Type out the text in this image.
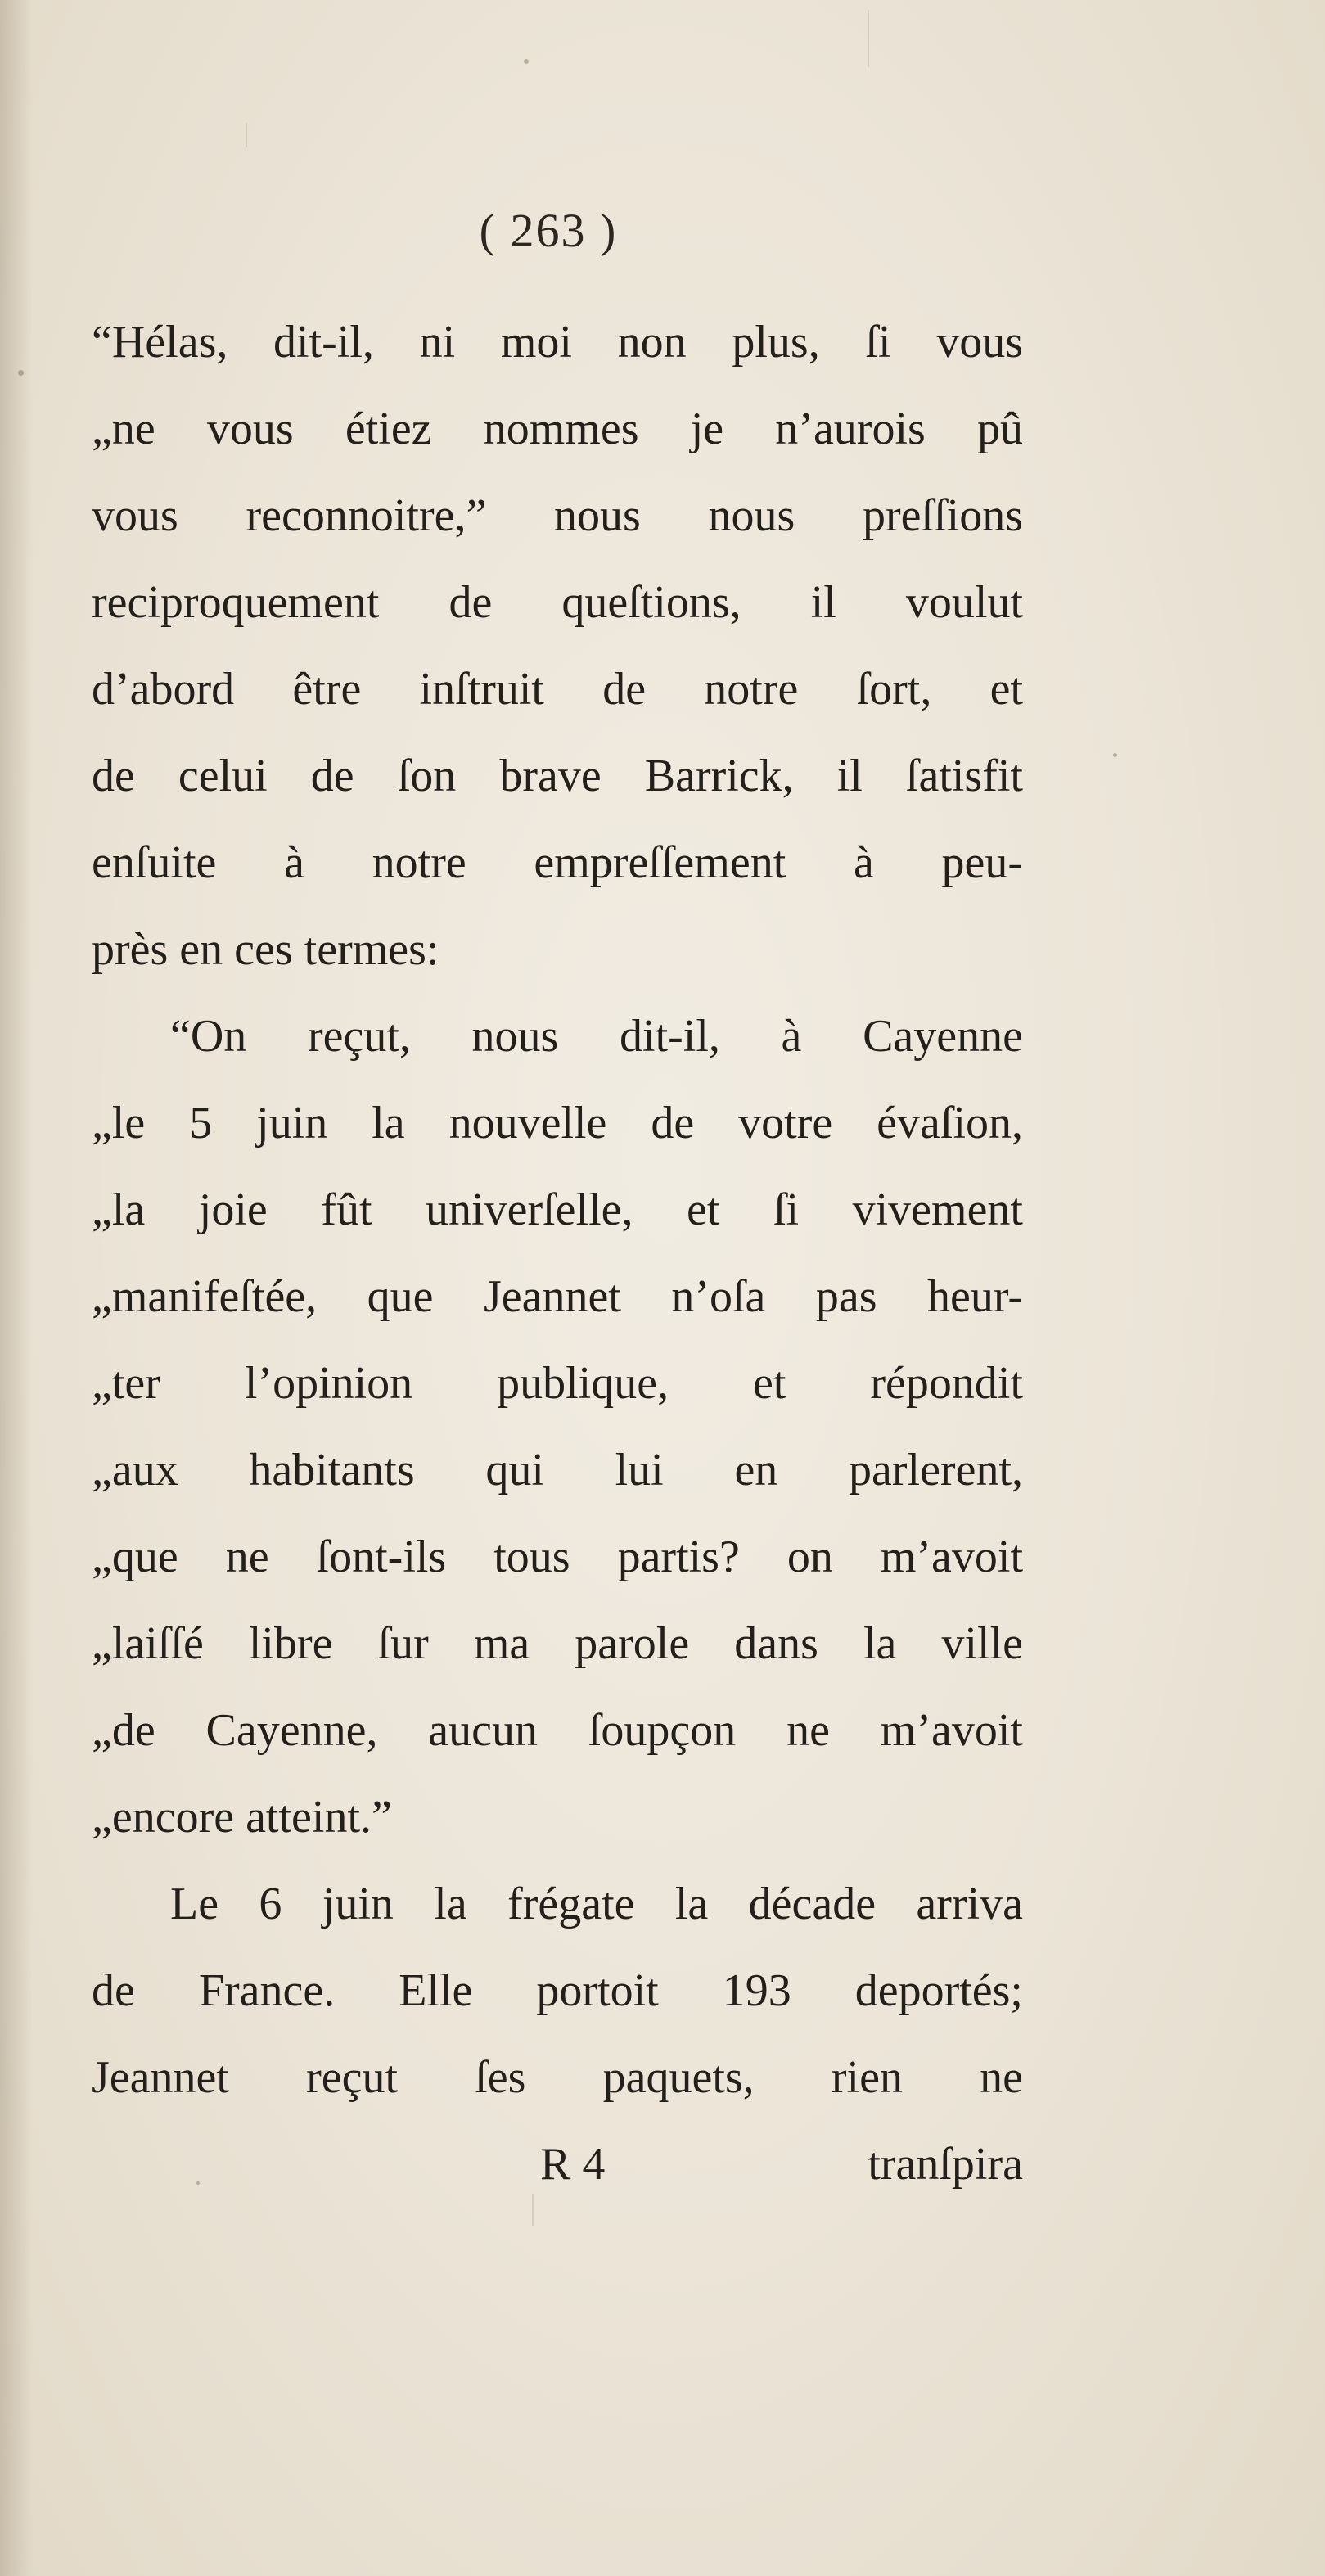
( 263 )
“Hélas, dit-il, ni moi non plus, ſi vous
„ne vous étiez nommes je n’aurois pû
vous reconnoitre,” nous nous preſſions
reciproquement de queſtions, il voulut
d’abord être inſtruit de notre ſort, et
de celui de ſon brave Barrick, il ſatisfit
enſuite à notre empreſſement à peu-
près en ces termes:
“On reçut, nous dit-il, à Cayenne
„le 5 juin la nouvelle de votre évaſion,
„la joie fût univerſelle, et ſi vivement
„manifeſtée, que Jeannet n’oſa pas heur-
„ter l’opinion publique, et répondit
„aux habitants qui lui en parlerent,
„que ne ſont-ils tous partis? on m’avoit
„laiſſé libre ſur ma parole dans la ville
„de Cayenne, aucun ſoupçon ne m’avoit
„encore atteint.”
Le 6 juin la frégate la décade arriva
de France. Elle portoit 193 deportés;
Jeannet reçut ſes paquets, rien ne
R 4	tranſpira
